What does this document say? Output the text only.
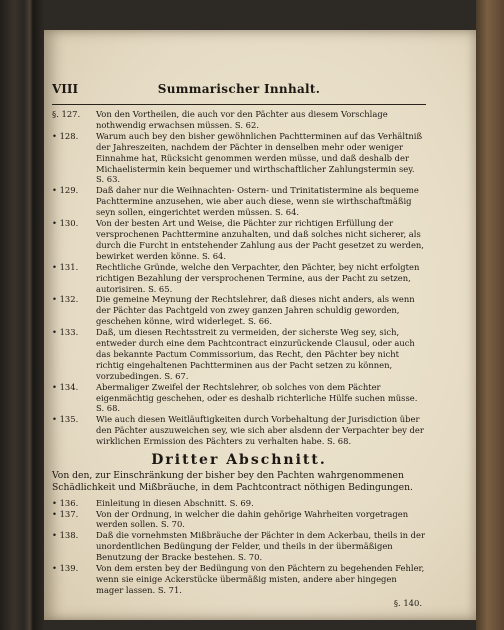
VIII	Summarischer Innhalt.

§. 127.	Von den Vortheilen, die auch vor den Pächter aus diesem Vorschlage nothwendig erwachsen müssen. S. 62.

• 128.	Warum auch bey den bisher gewöhnlichen Pachtterminen auf das Verhältniß der Jahreszeiten, nachdem der Pächter in denselben mehr oder weniger Einnahme hat, Rücksicht genommen werden müsse, und daß deshalb der Michaelistermin kein bequemer und wirthschaftlicher Zahlungstermin sey. S. 63.

• 129.	Daß daher nur die Weihnachten- Ostern- und Trinitatistermine als bequeme Pachttermine anzusehen, wie aber auch diese, wenn sie wirthschaftmäßig seyn sollen, eingerichtet werden müssen. S. 64.

• 130.	Von der besten Art und Weise, die Pächter zur richtigen Erfüllung der versprochenen Pachttermine anzuhalten, und daß solches nicht sicherer, als durch die Furcht in entstehender Zahlung aus der Pacht gesetzet zu werden, bewirket werden könne. S. 64.

• 131.	Rechtliche Gründe, welche den Verpachter, den Pächter, bey nicht erfolgten richtigen Bezahlung der versprochenen Termine, aus der Pacht zu setzen, autorisiren. S. 65.

• 132.	Die gemeine Meynung der Rechtslehrer, daß dieses nicht anders, als wenn der Pächter das Pachtgeld von zwey ganzen Jahren schuldig geworden, geschehen könne, wird widerleget. S. 66.

• 133.	Daß, um diesen Rechtsstreit zu vermeiden, der sicherste Weg sey, sich, entweder durch eine dem Pachtcontract einzurückende Clausul, oder auch das bekannte Pactum Commissorium, das Recht, den Pächter bey nicht richtig eingehaltenen Pachtterminen aus der Pacht setzen zu können, vorzubedingen. S. 67.

• 134.	Abermaliger Zweifel der Rechtslehrer, ob solches von dem Pächter eigenmächtig geschehen, oder es deshalb richterliche Hülfe suchen müsse. S. 68.

• 135.	Wie auch diesen Weitläuftigkeiten durch Vorbehaltung der Jurisdiction über den Pächter auszuweichen sey, wie sich aber alsdenn der Verpachter bey der wirklichen Ermission des Pächters zu verhalten habe. S. 68.

Dritter Abschnitt.

Von den, zur Einschränkung der bisher bey den Pachten wahrgenommenen Schädlichkeit und Mißbräuche, in dem Pachtcontract nöthigen Bedingungen.

• 136.	Einleitung in diesen Abschnitt. S. 69.

• 137.	Von der Ordnung, in welcher die dahin gehörige Wahrheiten vorgetragen werden sollen. S. 70.

• 138.	Daß die vornehmsten Mißbräuche der Pächter in dem Ackerbau, theils in der unordentlichen Bedüngung der Felder, und theils in der übermäßigen Benutzung der Bracke bestehen. S. 70.

• 139.	Von dem ersten bey der Bedüngung von den Pächtern zu begehenden Fehler, wenn sie einige Ackerstücke übermäßig misten, andere aber hingegen mager lassen. S. 71.

§. 140.
